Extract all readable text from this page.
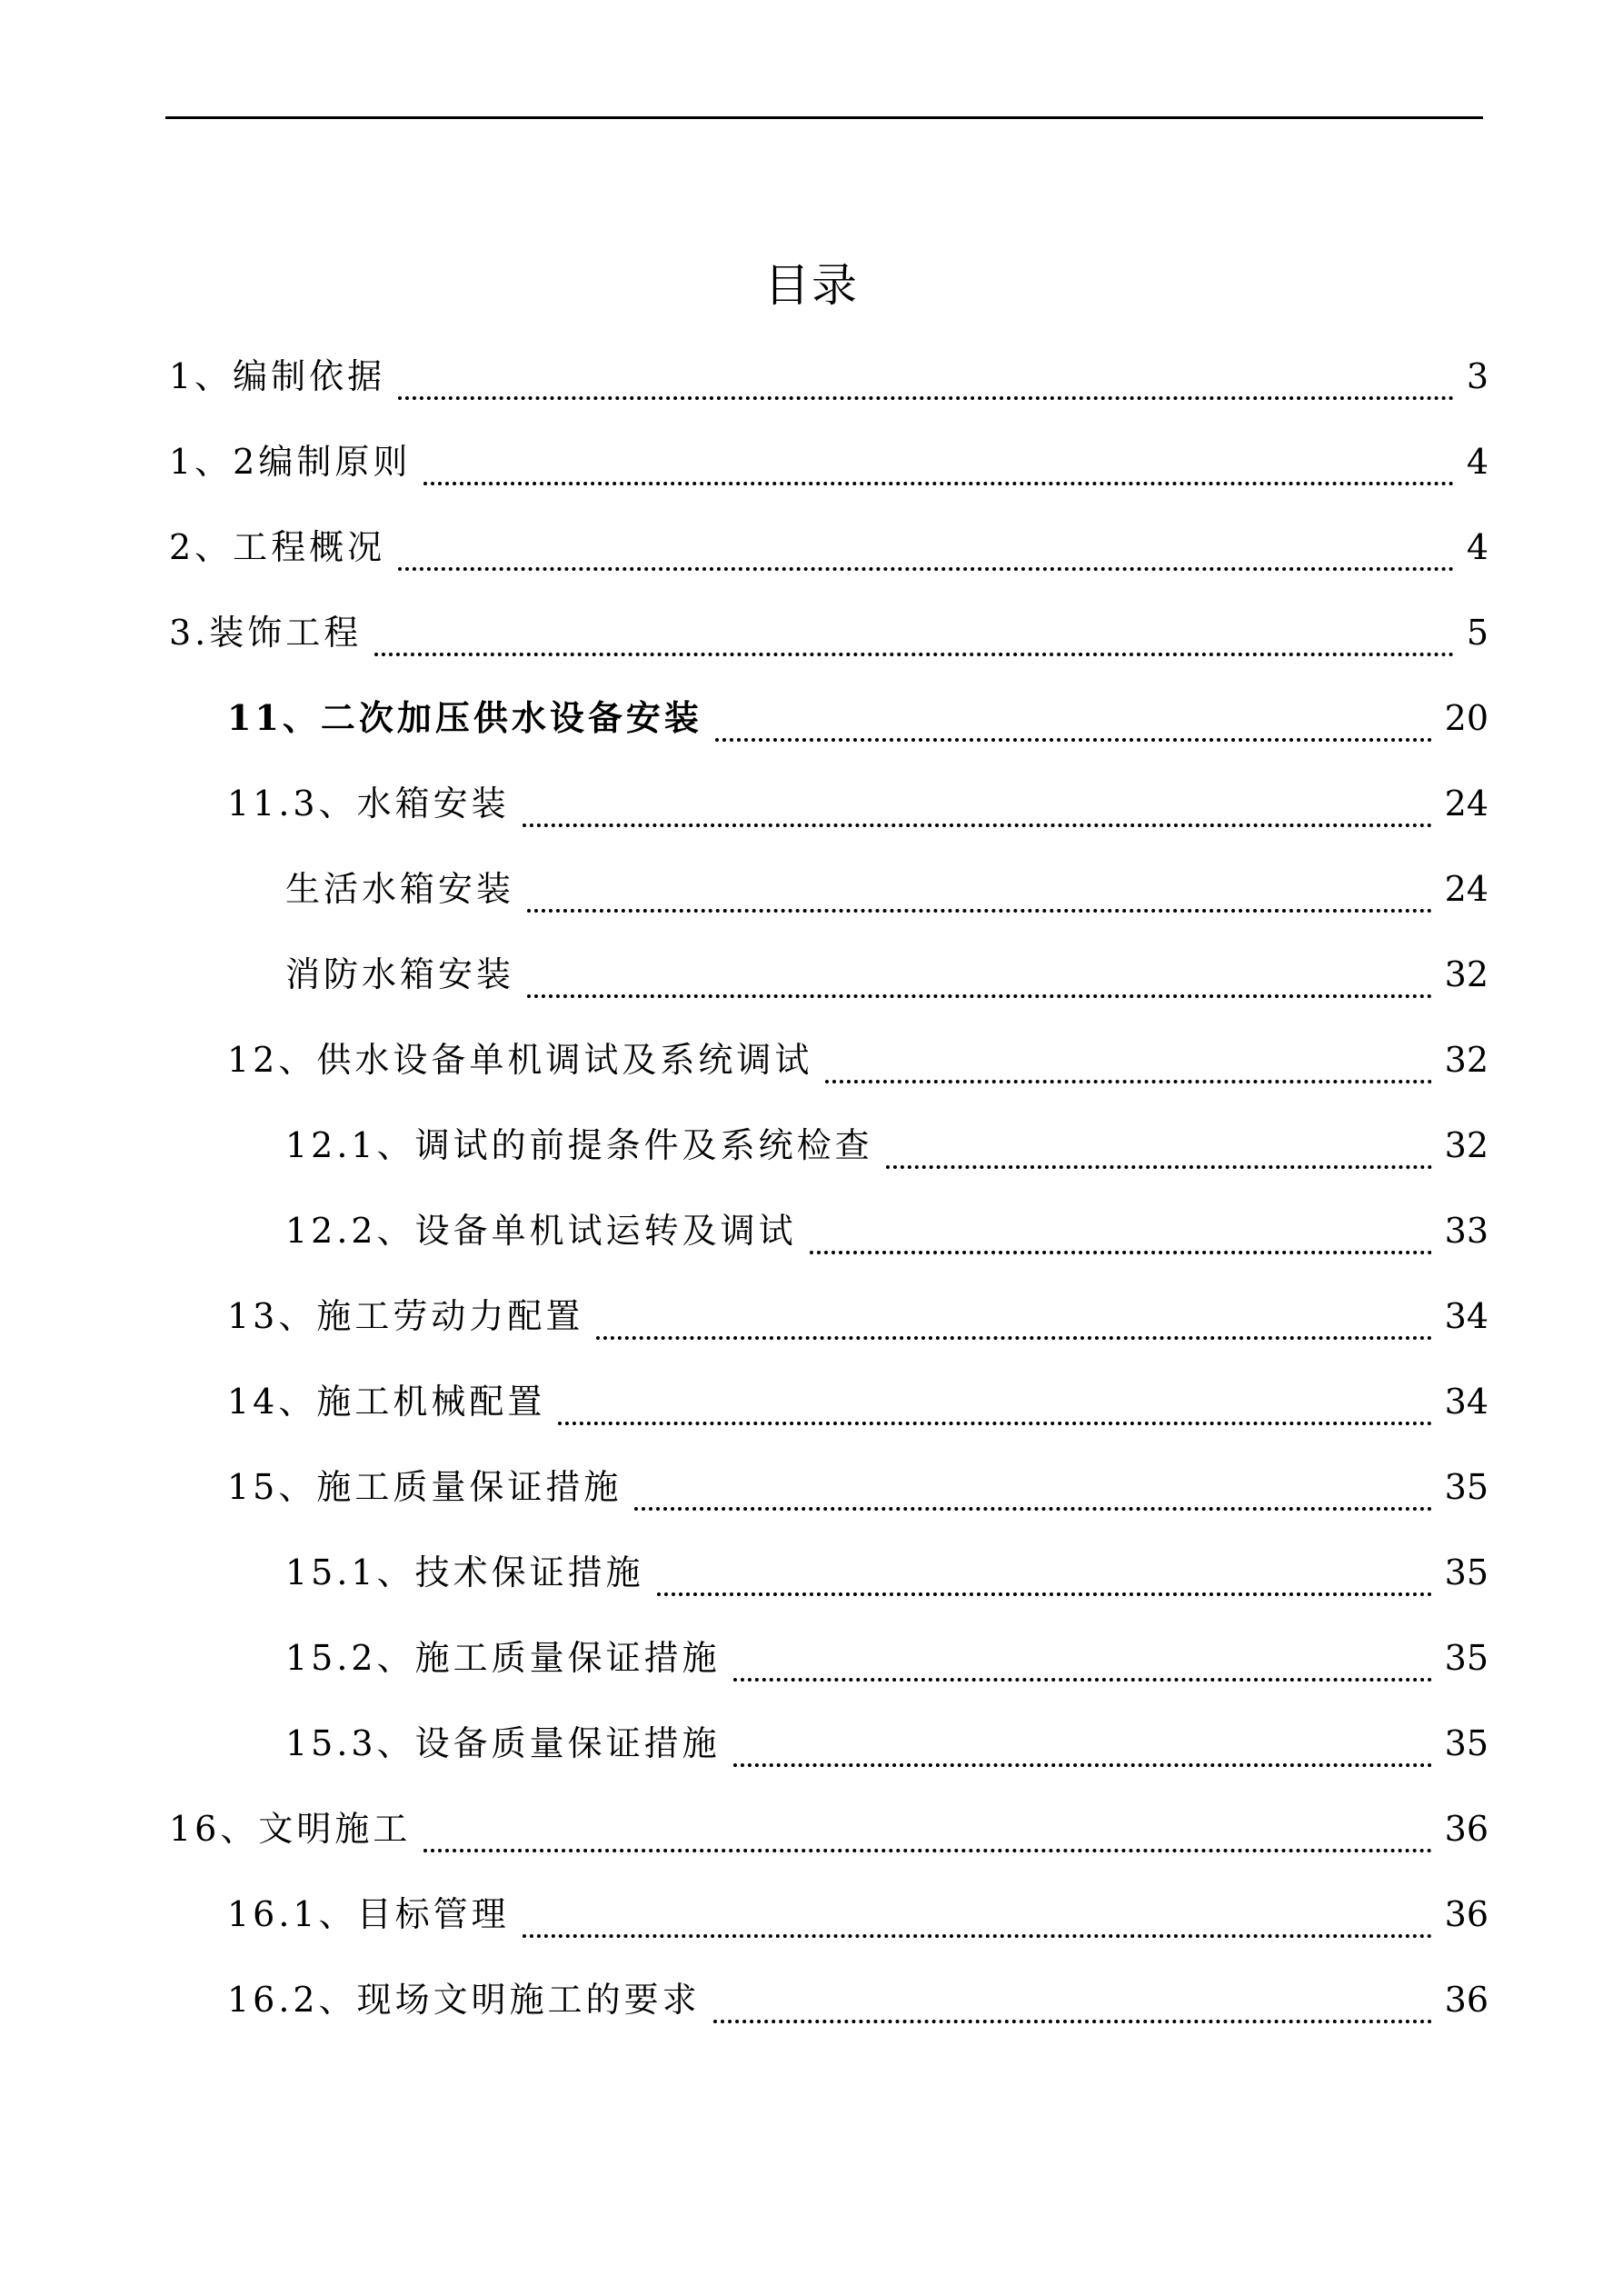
目录
1、编制依据	3
1、2编制原则	4
2、工程概况	4
3.装饰工程	5
11、二次加压供水设备安装	20
11.3、水箱安装	24
生活水箱安装	24
消防水箱安装	32
12、供水设备单机调试及系统调试	32
12.1、调试的前提条件及系统检查	32
12.2、设备单机试运转及调试	33
13、施工劳动力配置	34
14、施工机械配置	34
15、施工质量保证措施	35
15.1、技术保证措施	35
15.2、施工质量保证措施	35
15.3、设备质量保证措施	35
16、文明施工	36
16.1、目标管理	36
16.2、现场文明施工的要求	36
